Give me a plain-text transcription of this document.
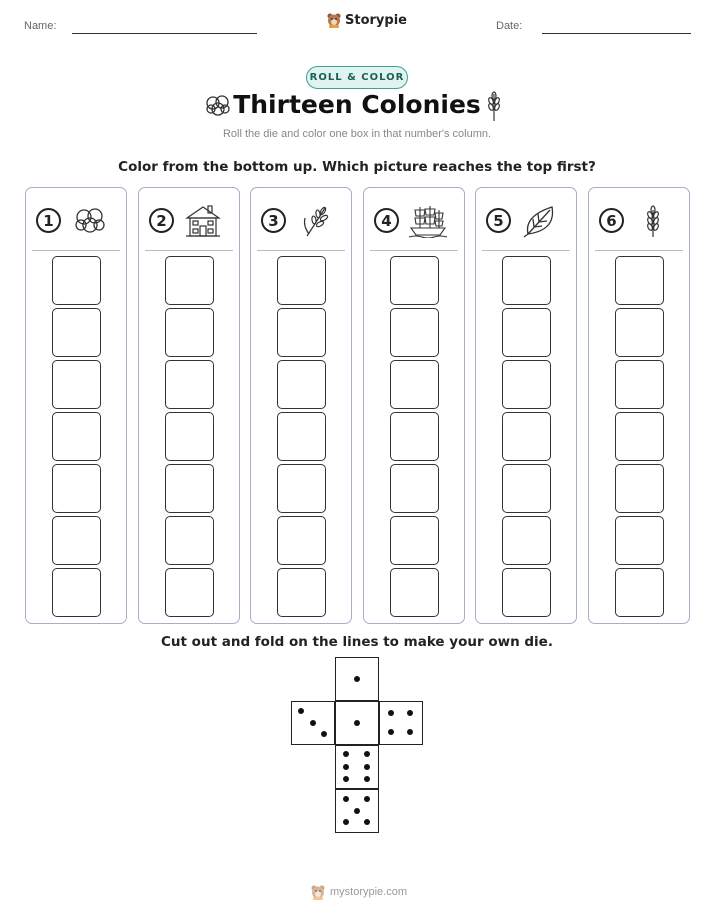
Name:	Storypie	Date:
ROLL & COLOR
Thirteen Colonies
Roll the die and color one box in that number's column.
Color from the bottom up. Which picture reaches the top first?
1	2	3	4	5	6
Cut out and fold on the lines to make your own die.
mystorypie.com
